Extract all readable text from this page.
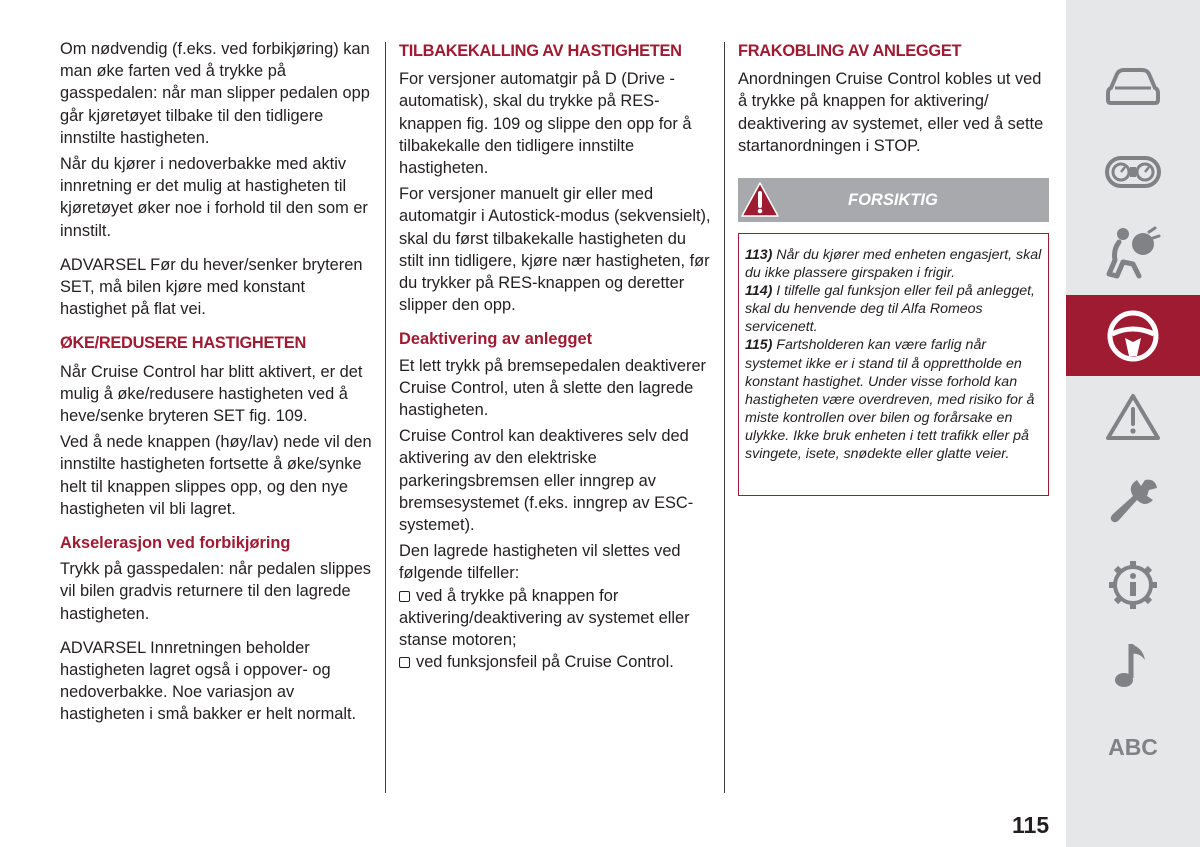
Om nødvendig (f.eks. ved forbikjøring) kan man øke farten ved å trykke på gasspedalen: når man slipper pedalen opp går kjøretøyet tilbake til den tidligere innstilte hastigheten.

Når du kjører i nedoverbakke med aktiv innretning er det mulig at hastigheten til kjøretøyet øker noe i forhold til den som er innstilt.

ADVARSEL Før du hever/senker bryteren SET, må bilen kjøre med konstant hastighet på flat vei.

ØKE/REDUSERE HASTIGHETEN

Når Cruise Control har blitt aktivert, er det mulig å øke/redusere hastigheten ved å heve/senke bryteren SET fig. 109.

Ved å nede knappen (høy/lav) nede vil den innstilte hastigheten fortsette å øke/synke helt til knappen slippes opp, og den nye hastigheten vil bli lagret.

Akselerasjon ved forbikjøring

Trykk på gasspedalen: når pedalen slippes vil bilen gradvis returnere til den lagrede hastigheten.

ADVARSEL Innretningen beholder hastigheten lagret også i oppover- og nedoverbakke. Noe variasjon av hastigheten i små bakker er helt normalt.

TILBAKEKALLING AV HASTIGHETEN

For versjoner automatgir på D (Drive - automatisk), skal du trykke på RES-knappen fig. 109 og slippe den opp for å tilbakekalle den tidligere innstilte hastigheten.

For versjoner manuelt gir eller med automatgir i Autostick-modus (sekvensielt), skal du først tilbakekalle hastigheten du stilt inn tidligere, kjøre nær hastigheten, før du trykker på RES-knappen og deretter slipper den opp.

Deaktivering av anlegget

Et lett trykk på bremsepedalen deaktiverer Cruise Control, uten å slette den lagrede hastigheten.

Cruise Control kan deaktiveres selv ded aktivering av den elektriske parkeringsbremsen eller inngrep av bremsesystemet (f.eks. inngrep av ESC-systemet).

Den lagrede hastigheten vil slettes ved følgende tilfeller:

ved å trykke på knappen for aktivering/deaktivering av systemet eller stanse motoren;
ved funksjonsfeil på Cruise Control.
FRAKOBLING AV ANLEGGET

Anordningen Cruise Control kobles ut ved å trykke på knappen for aktivering/ deaktivering av systemet, eller ved å sette startanordningen i STOP.

FORSIKTIG
113) Når du kjører med enheten engasjert, skal du ikke plassere girspaken i frigir.
114) I tilfelle gal funksjon eller feil på anlegget, skal du henvende deg til Alfa Romeos servicenett.
115) Fartsholderen kan være farlig når systemet ikke er i stand til å opprettholde en konstant hastighet. Under visse forhold kan hastigheten være overdreven, med risiko for å miste kontrollen over bilen og forårsake en ulykke. Ikke bruk enheten i tett trafikk eller på svingete, isete, snødekte eller glatte veier.
ABC
115
